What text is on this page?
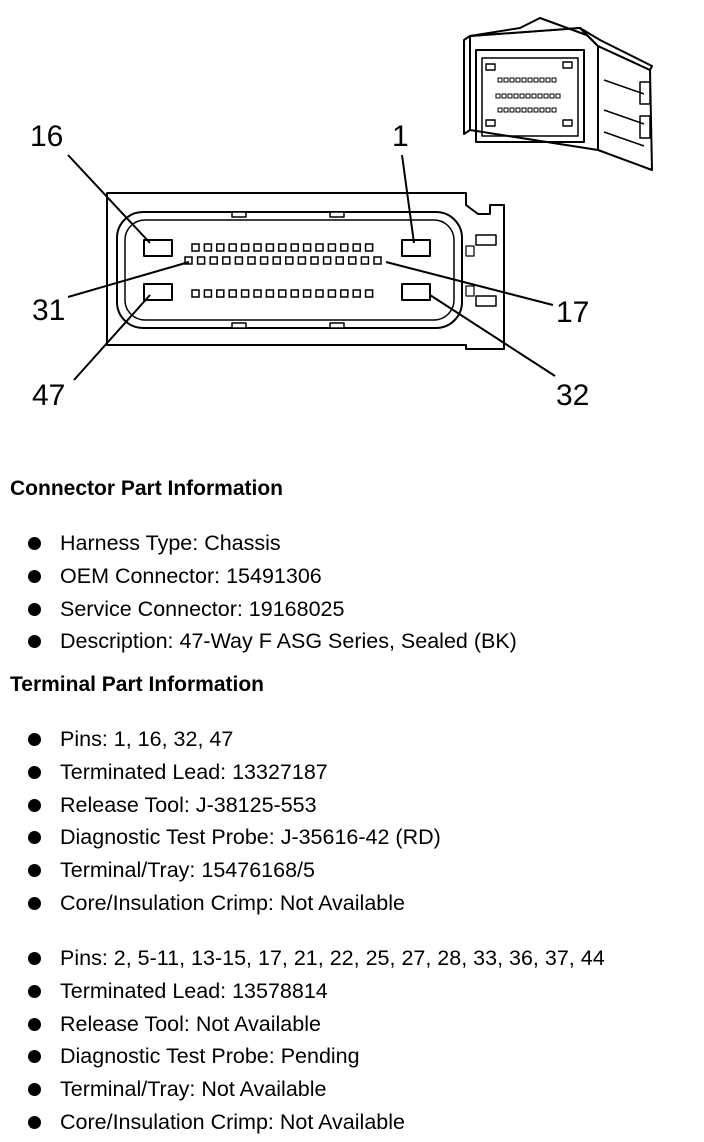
16	1
31	17
47	32
Connector Part Information
Harness Type: Chassis
OEM Connector: 15491306
Service Connector: 19168025
Description: 47-Way F ASG Series, Sealed (BK)
Terminal Part Information
Pins: 1, 16, 32, 47
Terminated Lead: 13327187
Release Tool: J-38125-553
Diagnostic Test Probe: J-35616-42 (RD)
Terminal/Tray: 15476168/5
Core/Insulation Crimp: Not Available
Pins: 2, 5-11, 13-15, 17, 21, 22, 25, 27, 28, 33, 36, 37, 44
Terminated Lead: 13578814
Release Tool: Not Available
Diagnostic Test Probe: Pending
Terminal/Tray: Not Available
Core/Insulation Crimp: Not Available
